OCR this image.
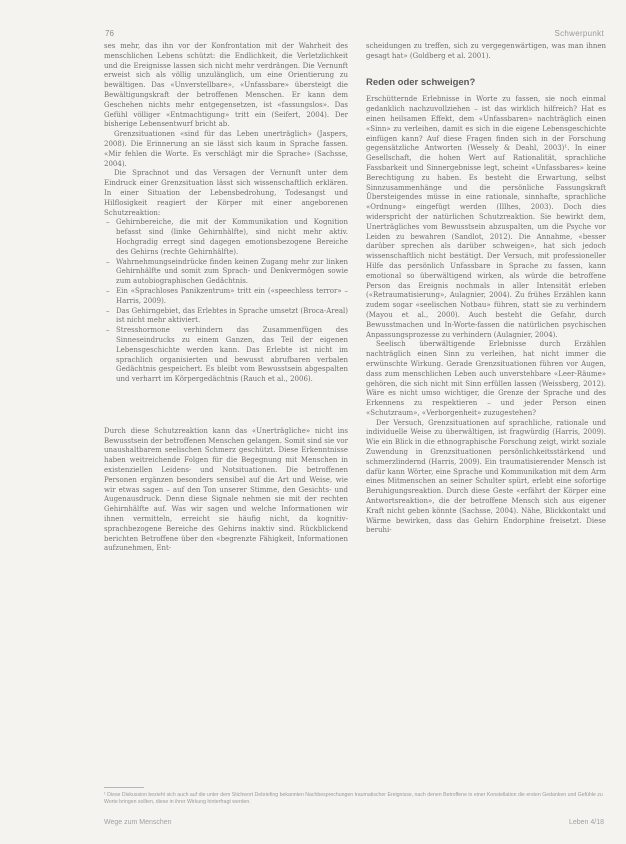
76	Schwerpunkt

ses mehr, das ihn vor der Konfrontation mit der Wahrheit des menschlichen Lebens schützt: die Endlichkeit, die Verletzlichkeit und die Ereignisse lassen sich nicht mehr verdrängen. Die Vernunft erweist sich als völlig unzulänglich, um eine Orientierung zu bewältigen. Das «Unverstellbare», «Unfassbare» übersteigt die Bewältigungskraft der betroffenen Menschen. Er kann dem Geschehen nichts mehr entgegensetzen, ist «fassungslos». Das Gefühl völliger «Entmachtigung» tritt ein (Seifert, 2004). Der bisherige Lebensentwurf bricht ab.

Grenzsituationen «sind für das Leben unerträglich» (Jaspers, 2008). Die Erinnerung an sie lässt sich kaum in Sprache fassen. «Mir fehlen die Worte. Es verschlägt mir die Sprache» (Sachsse, 2004).

Die Sprachnot und das Versagen der Vernunft unter dem Eindruck einer Grenzsituation lässt sich wissenschaftlich erklären. In einer Situation der Lebensbedrohung, Todesangst und Hilflosigkeit reagiert der Körper mit einer angeborenen Schutzreaktion:

– Gehirnbereiche, die mit der Kommunikation und Kognition befasst sind (linke Gehirnhälfte), sind nicht mehr aktiv. Hochgradig erregt sind dagegen emotionsbezogene Bereiche des Gehirns (rechte Gehirnhälfte).
– Wahrnehmungseindrücke finden keinen Zugang mehr zur linken Gehirnhälfte und somit zum Sprach- und Denkvermögen sowie zum autobiographischen Gedächtnis.
– Ein «Sprachloses Panikzentrum» tritt ein («speechless terror» – Harris, 2009).
– Das Gehirngebiet, das Erlebtes in Sprache umsetzt (Broca-Areal) ist nicht mehr aktiviert.
– Stresshormone verhindern das Zusammenfügen des Sinneseindrucks zu einem Ganzen, das Teil der eigenen Lebensgeschichte werden kann. Das Erlebte ist nicht im sprachlich organisierten und bewusst abrufbaren verbalen Gedächtnis gespeichert. Es bleibt vom Bewusstsein abgespalten und verharrt im Körpergedächtnis (Rauch et al., 2006).

Durch diese Schutzreaktion kann das «Unerträgliche» nicht ins Bewusstsein der betroffenen Menschen gelangen. Somit sind sie vor unaushaltbarem seelischen Schmerz geschützt. Diese Erkenntnisse haben weitreichende Folgen für die Begegnung mit Menschen in existenziellen Leidens- und Notsituationen. Die betroffenen Personen ergänzen besonders sensibel auf die Art und Weise, wie wir etwas sagen – auf den Ton unserer Stimme, den Gesichts- und Augenausdruck. Denn diese Signale nehmen sie mit der rechten Gehirnhälfte auf. Was wir sagen und welche Informationen wir ihnen vermitteln, erreicht sie häufig nicht, da kognitiv-sprachbezogene Bereiche des Gehirns inaktiv sind. Rückblickend berichten Betroffene über den «begrenzte Fähigkeit, Informationen aufzunehmen, Ent-

scheidungen zu treffen, sich zu vergegenwärtigen, was man ihnen gesagt hat» (Goldberg et al. 2001).

Reden oder schweigen?

Erschütternde Erlebnisse in Worte zu fassen, sie noch einmal gedanklich nachzuvollziehen – ist das wirklich hilfreich? Hat es einen heilsamen Effekt, dem «Unfassbaren» nachträglich einen «Sinn» zu verleihen, damit es sich in die eigene Lebensgeschichte einfügen kann? Auf diese Fragen finden sich in der Forschung gegensätzliche Antworten (Wessely & Deahl, 2003)¹. In einer Gesellschaft, die hohen Wert auf Rationalität, sprachliche Fassbarkeit und Sinnergebnisse legt, scheint «Unfassbares» keine Berechtigung zu haben. Es besteht die Erwartung, selbst Sinnzusammenhänge und die persönliche Fassungskraft Übersteigendes müsse in eine rationale, sinnhafte, sprachliche «Ordnung» eingefügt werden (Illhes, 2003). Doch dies widerspricht der natürlichen Schutzreaktion. Sie bewirkt dem, Unerträgliches vom Bewusstsein abzuspalten, um die Psyche vor Leiden zu bewahren (Sandlot, 2012). Die Annahme, «besser darüber sprechen als darüber schweigen», hat sich jedoch wissenschaftlich nicht bestätigt. Der Versuch, mit professioneller Hilfe das persönlich Unfassbare in Sprache zu fassen, kann emotional so überwältigend wirken, als würde die betroffene Person das Ereignis nochmals in aller Intensität erleben («Retraumatisierung», Aulagnier, 2004). Zu frühes Erzählen kann zudem sogar «seelischen Notbau» führen, statt sie zu verhindern (Mayou et al., 2000). Auch besteht die Gefahr, durch Bewusstmachen und In-Worte-fassen die natürlichen psychischen Anpassungsprozesse zu verhindern (Aulagnier, 2004).

Seelisch überwältigende Erlebnisse durch Erzählen nachträglich einen Sinn zu verleihen, hat nicht immer die erwünschte Wirkung. Gerade Grenzsituationen führen vor Augen, dass zum menschlichen Leben auch unverstehbare «Leer-Räume» gehören, die sich nicht mit Sinn erfüllen lassen (Weissberg, 2012). Wäre es nicht umso wichtiger, die Grenze der Sprache und des Erkennens zu respektieren – und jeder Person einen «Schutzraum», «Verborgenheit» zuzugestehen?

Der Versuch, Grenzsituationen auf sprachliche, rationale und individuelle Weise zu überwältigen, ist fragwürdig (Harris, 2009). Wie ein Blick in die ethnographische Forschung zeigt, wirkt soziale Zuwendung in Grenzsituationen persönlichkeitsstärkend und schmerzlindernd (Harris, 2009). Ein traumatisierender Mensch ist dafür kann Wörter, eine Sprache und Kommunikation mit dem Arm eines Mitmenschen an seiner Schulter spürt, erlebt eine sofortige Beruhigungsreaktion. Durch diese Geste «erfährt der Körper eine Antwortsreaktion», die der betroffene Mensch sich aus eigener Kraft nicht geben könnte (Sachsse, 2004). Nähe, Blickkontakt und Wärme bewirken, dass das Gehirn Endorphine freisetzt. Diese beruhi-

¹ Diese Diskussion bezieht sich auch auf die unter dem Stichwort Debriefing bekannten Nachbesprechungen traumatischer Ereignisse, nach denen Betroffene in einer Konstellation die ersten Gedanken und Gefühle zu Worte bringen sollten, diese in ihrer Wirkung hinterfragt werden.
Wege zum Menschen	Leben 4/18
